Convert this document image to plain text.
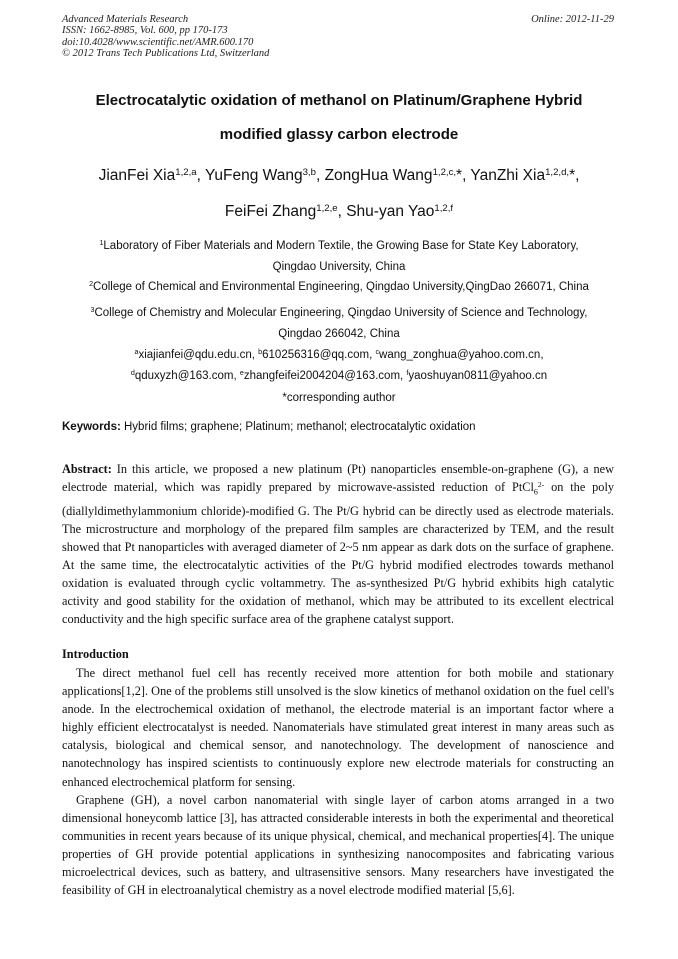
Advanced Materials Research
ISSN: 1662-8985, Vol. 600, pp 170-173
doi:10.4028/www.scientific.net/AMR.600.170
© 2012 Trans Tech Publications Ltd, Switzerland
Online: 2012-11-29
Electrocatalytic oxidation of methanol on Platinum/Graphene Hybrid
modified glassy carbon electrode
JianFei Xia$^{1,2,a}$, YuFeng Wang$^{3,b}$, ZongHua Wang$^{1,2,c,}$*, YanZhi Xia$^{1,2,d,}$*,
FeiFei Zhang$^{1,2,e}$, Shu-yan Yao$^{1,2,f}$
$^1$Laboratory of Fiber Materials and Modern Textile, the Growing Base for State Key Laboratory,
Qingdao University, China
$^2$College of Chemical and Environmental Engineering, Qingdao University,QingDao 266071, China
$^3$College of Chemistry and Molecular Engineering, Qingdao University of Science and Technology,
Qingdao 266042, China
$^a$xiajianfei@qdu.edu.cn, $^b$610256316@qq.com, $^c$wang_zonghua@yahoo.com.cn,
$^d$qduxyzh@163.com, $^e$zhangfeifei2004204@163.com, $^f$yaoshuyan0811@yahoo.cn
*corresponding author
Keywords: Hybrid films; graphene; Platinum; methanol; electrocatalytic oxidation

Abstract: In this article, we proposed a new platinum (Pt) nanoparticles ensemble-on-graphene (G), a new electrode material, which was rapidly prepared by microwave-assisted reduction of PtCl$_6^{2-}$ on the poly (diallyldimethylammonium chloride)-modified G. The Pt/G hybrid can be directly used as electrode materials. The microstructure and morphology of the prepared film samples are characterized by TEM, and the result showed that Pt nanoparticles with averaged diameter of 2~5 nm appear as dark dots on the surface of graphene. At the same time, the electrocatalytic activities of the Pt/G hybrid modified electrodes towards methanol oxidation is evaluated through cyclic voltammetry. The as-synthesized Pt/G hybrid exhibits high catalytic activity and good stability for the oxidation of methanol, which may be attributed to its excellent electrical conductivity and the high specific surface area of the graphene catalyst support.

Introduction

The direct methanol fuel cell has recently received more attention for both mobile and stationary applications[1,2]. One of the problems still unsolved is the slow kinetics of methanol oxidation on the fuel cell's anode. In the electrochemical oxidation of methanol, the electrode material is an important factor where a highly efficient electrocatalyst is needed. Nanomaterials have stimulated great interest in many areas such as catalysis, biological and chemical sensor, and nanotechnology. The development of nanoscience and nanotechnology has inspired scientists to continuously explore new electrode materials for constructing an enhanced electrochemical platform for sensing.

Graphene (GH), a novel carbon nanomaterial with single layer of carbon atoms arranged in a two dimensional honeycomb lattice [3], has attracted considerable interests in both the experimental and theoretical communities in recent years because of its unique physical, chemical, and mechanical properties[4]. The unique properties of GH provide potential applications in synthesizing nanocomposites and fabricating various microelectrical devices, such as battery, and ultrasensitive sensors. Many researchers have investigated the feasibility of GH in electroanalytical chemistry as a novel electrode modified material [5,6].
